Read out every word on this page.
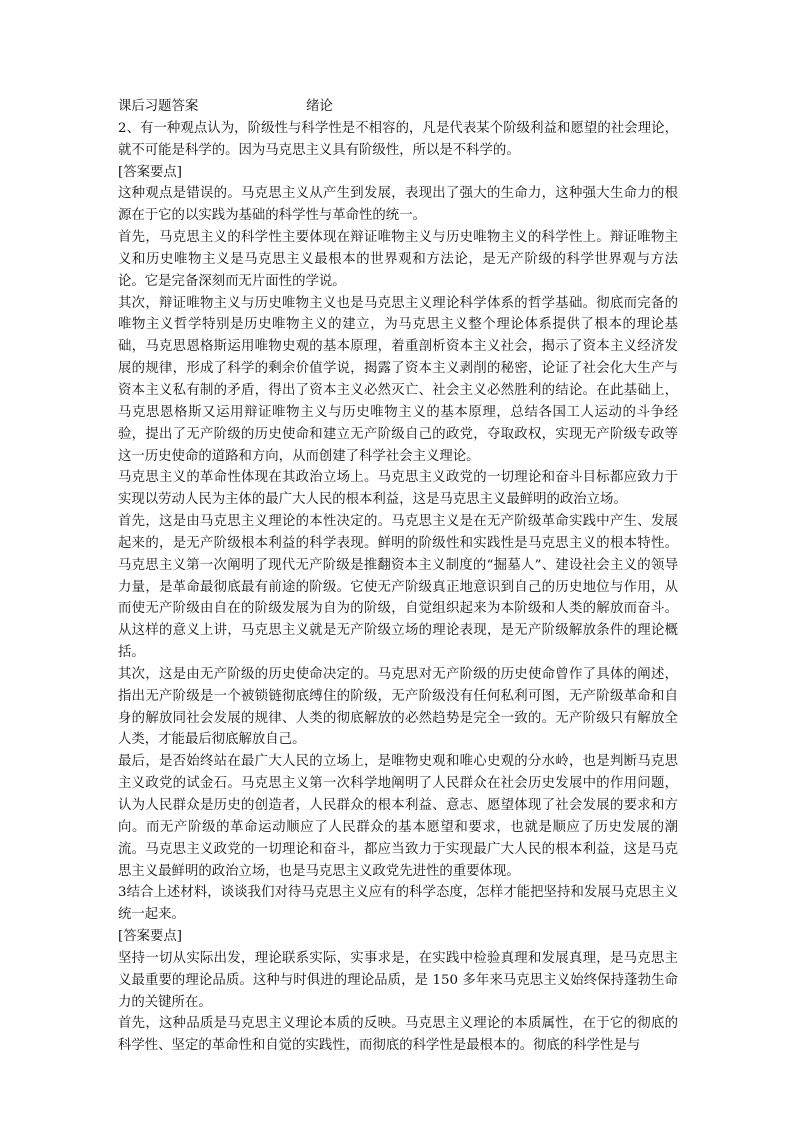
课后习题答案	绪论

2、有一种观点认为，阶级性与科学性是不相容的，凡是代表某个阶级利益和愿望的社会理论，就不可能是科学的。因为马克思主义具有阶级性，所以是不科学的。

[答案要点]

这种观点是错误的。马克思主义从产生到发展，表现出了强大的生命力，这种强大生命力的根源在于它的以实践为基础的科学性与革命性的统一。

首先，马克思主义的科学性主要体现在辩证唯物主义与历史唯物主义的科学性上。辩证唯物主义和历史唯物主义是马克思主义最根本的世界观和方法论，是无产阶级的科学世界观与方法论。它是完备深刻而无片面性的学说。

其次，辩证唯物主义与历史唯物主义也是马克思主义理论科学体系的哲学基础。彻底而完备的唯物主义哲学特别是历史唯物主义的建立，为马克思主义整个理论体系提供了根本的理论基础，马克思恩格斯运用唯物史观的基本原理，着重剖析资本主义社会，揭示了资本主义经济发展的规律，形成了科学的剩余价值学说，揭露了资本主义剥削的秘密，论证了社会化大生产与资本主义私有制的矛盾，得出了资本主义必然灭亡、社会主义必然胜利的结论。在此基础上，马克思恩格斯又运用辩证唯物主义与历史唯物主义的基本原理，总结各国工人运动的斗争经验，提出了无产阶级的历史使命和建立无产阶级自己的政党，夺取政权，实现无产阶级专政等这一历史使命的道路和方向，从而创建了科学社会主义理论。

马克思主义的革命性体现在其政治立场上。马克思主义政党的一切理论和奋斗目标都应致力于实现以劳动人民为主体的最广大人民的根本利益，这是马克思主义最鲜明的政治立场。

首先，这是由马克思主义理论的本性决定的。马克思主义是在无产阶级革命实践中产生、发展起来的，是无产阶级根本利益的科学表现。鲜明的阶级性和实践性是马克思主义的根本特性。马克思主义第一次阐明了现代无产阶级是推翻资本主义制度的“掘墓人”、建设社会主义的领导力量，是革命最彻底最有前途的阶级。它使无产阶级真正地意识到自己的历史地位与作用，从而使无产阶级由自在的阶级发展为自为的阶级，自觉组织起来为本阶级和人类的解放而奋斗。从这样的意义上讲，马克思主义就是无产阶级立场的理论表现，是无产阶级解放条件的理论概括。

其次，这是由无产阶级的历史使命决定的。马克思对无产阶级的历史使命曾作了具体的阐述，指出无产阶级是一个被锁链彻底缚住的阶级，无产阶级没有任何私利可图，无产阶级革命和自身的解放同社会发展的规律、人类的彻底解放的必然趋势是完全一致的。无产阶级只有解放全人类，才能最后彻底解放自己。

最后，是否始终站在最广大人民的立场上，是唯物史观和唯心史观的分水岭，也是判断马克思主义政党的试金石。马克思主义第一次科学地阐明了人民群众在社会历史发展中的作用问题，认为人民群众是历史的创造者，人民群众的根本利益、意志、愿望体现了社会发展的要求和方向。而无产阶级的革命运动顺应了人民群众的基本愿望和要求，也就是顺应了历史发展的潮流。马克思主义政党的一切理论和奋斗，都应当致力于实现最广大人民的根本利益，这是马克思主义最鲜明的政治立场，也是马克思主义政党先进性的重要体现。

3结合上述材料，谈谈我们对待马克思主义应有的科学态度，怎样才能把坚持和发展马克思主义统一起来。

[答案要点]

坚持一切从实际出发，理论联系实际，实事求是，在实践中检验真理和发展真理，是马克思主义最重要的理论品质。这种与时俱进的理论品质，是 150 多年来马克思主义始终保持蓬勃生命力的关键所在。

首先，这种品质是马克思主义理论本质的反映。马克思主义理论的本质属性，在于它的彻底的科学性、坚定的革命性和自觉的实践性，而彻底的科学性是最根本的。彻底的科学性是与
